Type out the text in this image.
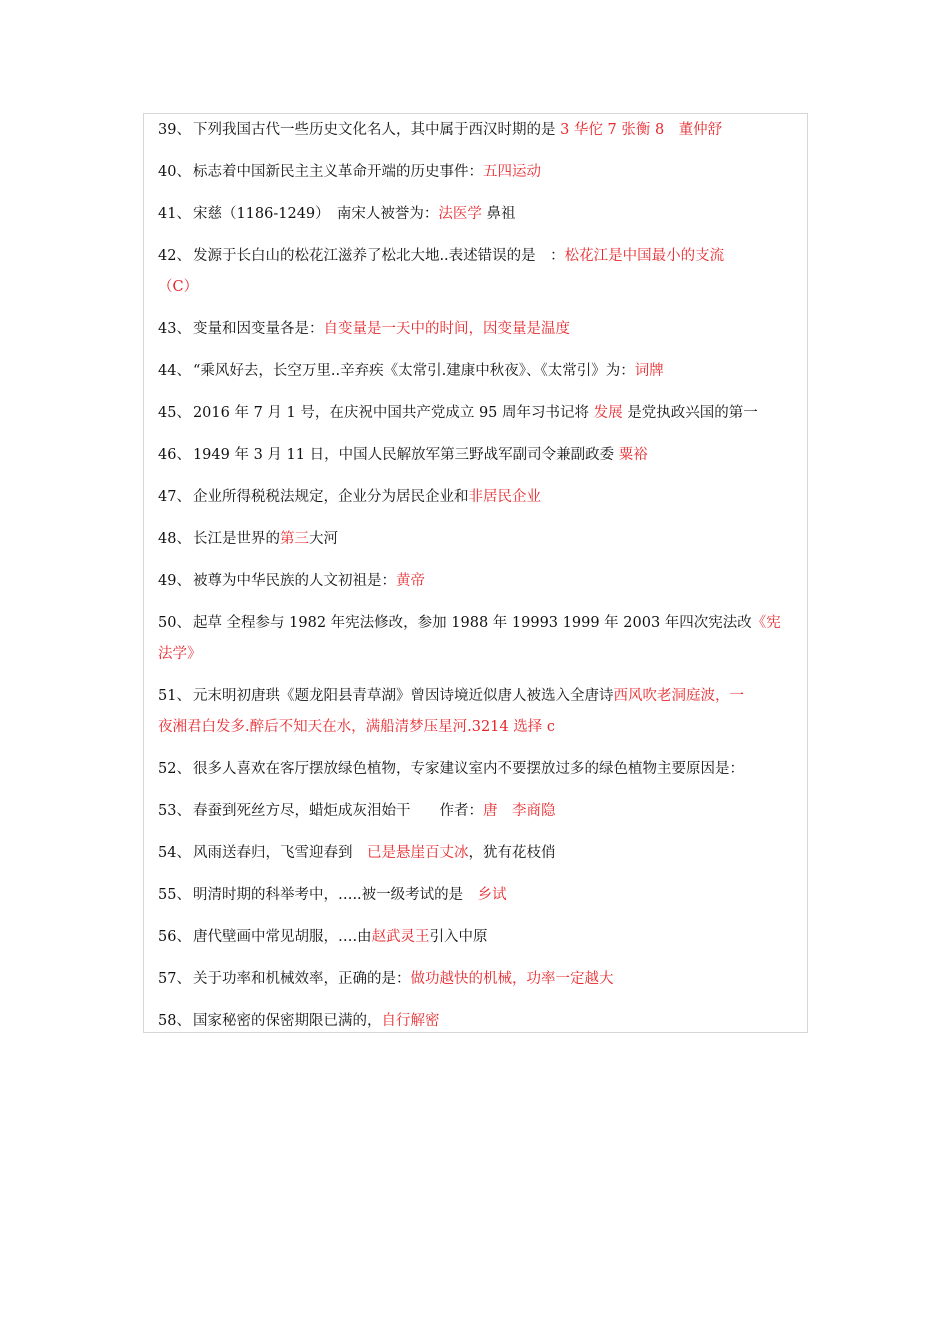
39、 下列我国古代一些历史文化名人，其中属于西汉时期的是 3 华佗 7 张衡 8　董仲舒
40、 标志着中国新民主主义革命开端的历史事件：五四运动
41、 宋慈（1186-1249）　南宋人被誉为：法医学 鼻祖
42、 发源于长白山的松花江滋养了松北大地..表述错误的是　：松花江是中国最小的支流
（C）
43、 变量和因变量各是：自变量是一天中的时间，因变量是温度
44、 “乘风好去，长空万里..辛弃疾《太常引.建康中秋夜》、《太常引》为：词牌
45、 2016 年 7 月 1 号，在庆祝中国共产党成立 95 周年习书记将 发展 是党执政兴国的第一
46、 1949 年 3 月 11 日，中国人民解放军第三野战军副司令兼副政委 粟裕
47、 企业所得税税法规定，企业分为居民企业和非居民企业
48、 长江是世界的第三大河
49、 被尊为中华民族的人文初祖是：黄帝
50、 起草 全程参与 1982 年宪法修改，参加 1988 年 19993 1999 年 2003 年四次宪法改《宪
法学》
51、 元末明初唐珙《题龙阳县青草湖》曾因诗境近似唐人被选入全唐诗西风吹老洞庭波，一
夜湘君白发多.醉后不知天在水，满船清梦压星河.3214 选择 c
52、 很多人喜欢在客厅摆放绿色植物，专家建议室内不要摆放过多的绿色植物主要原因是：
53、 春蚕到死丝方尽，蜡炬成灰泪始干　　作者：唐　李商隐
54、 风雨送春归，飞雪迎春到　已是悬崖百丈冰，犹有花枝俏
55、 明清时期的科举考中，…..被一级考试的是　乡试
56、 唐代壁画中常见胡服，….由赵武灵王引入中原
57、 关于功率和机械效率，正确的是：做功越快的机械，功率一定越大
58、 国家秘密的保密期限已满的，自行解密
